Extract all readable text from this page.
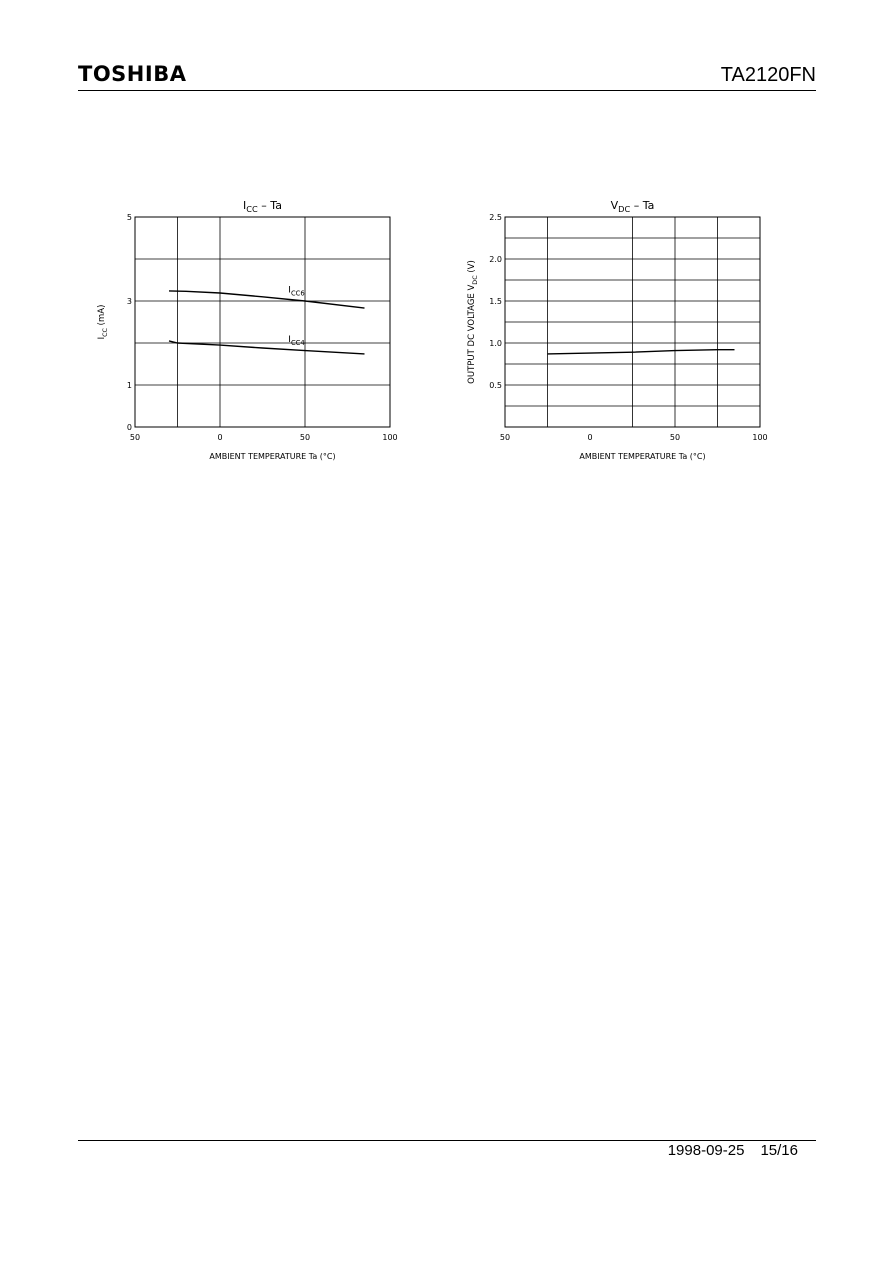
TOSHIBA	TA2120FN
$I_{CC}$ – Ta
0
1
3
5
50	0	50	100
AMBIENT TEMPERATURE Ta (°C)
$I_{CC}$ (mA)
$I_{CC6}$
$I_{CC4}$
$V_{DC}$ – Ta
0.5
1.0
1.5
2.0
2.5
50	0	50	100
AMBIENT TEMPERATURE Ta (°C)
OUTPUT DC VOLTAGE $V_{DC}$ (V)
1998-09-25 15/16
